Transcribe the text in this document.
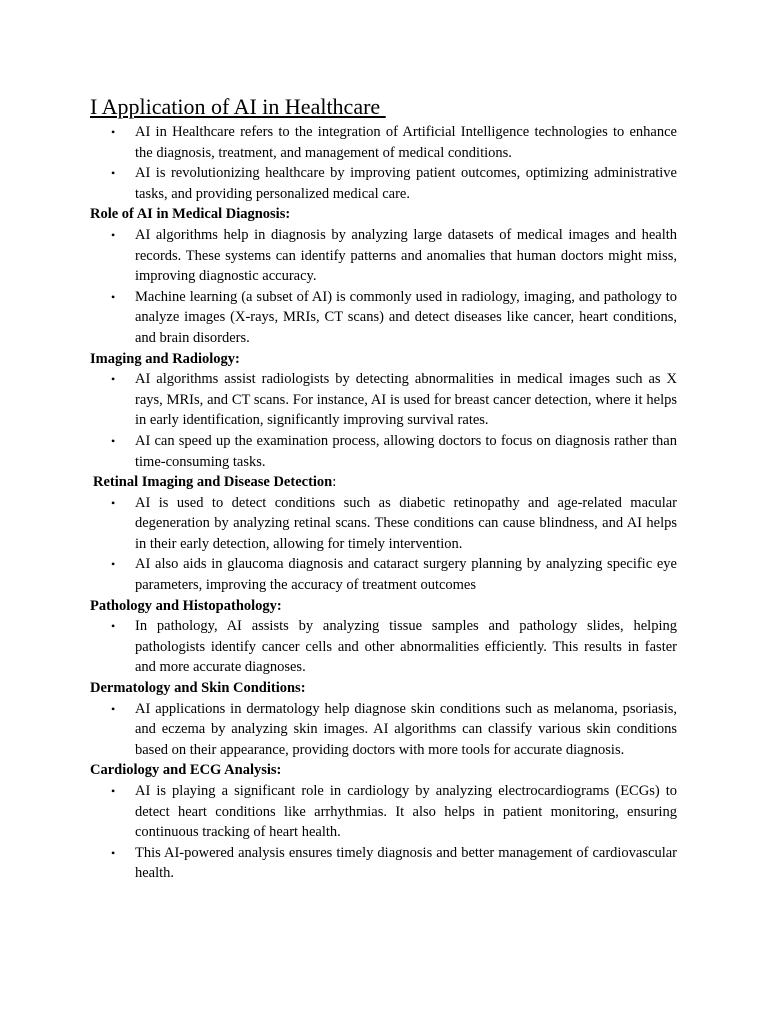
I Application of AI in Healthcare
• AI in Healthcare refers to the integration of Artificial Intelligence technologies to enhance the diagnosis, treatment, and management of medical conditions.
• AI is revolutionizing healthcare by improving patient outcomes, optimizing administrative tasks, and providing personalized medical care.

Role of AI in Medical Diagnosis:

• AI algorithms help in diagnosis by analyzing large datasets of medical images and health records. These systems can identify patterns and anomalies that human doctors might miss, improving diagnostic accuracy.
• Machine learning (a subset of AI) is commonly used in radiology, imaging, and pathology to analyze images (X-rays, MRIs, CT scans) and detect diseases like cancer, heart conditions, and brain disorders.

Imaging and Radiology:

• AI algorithms assist radiologists by detecting abnormalities in medical images such as X rays, MRIs, and CT scans. For instance, AI is used for breast cancer detection, where it helps in early identification, significantly improving survival rates.
• AI can speed up the examination process, allowing doctors to focus on diagnosis rather than time-consuming tasks.

Retinal Imaging and Disease Detection:

• AI is used to detect conditions such as diabetic retinopathy and age-related macular degeneration by analyzing retinal scans. These conditions can cause blindness, and AI helps in their early detection, allowing for timely intervention.
• AI also aids in glaucoma diagnosis and cataract surgery planning by analyzing specific eye parameters, improving the accuracy of treatment outcomes

Pathology and Histopathology:

• In pathology, AI assists by analyzing tissue samples and pathology slides, helping pathologists identify cancer cells and other abnormalities efficiently. This results in faster and more accurate diagnoses.

Dermatology and Skin Conditions:

• AI applications in dermatology help diagnose skin conditions such as melanoma, psoriasis, and eczema by analyzing skin images. AI algorithms can classify various skin conditions based on their appearance, providing doctors with more tools for accurate diagnosis.

Cardiology and ECG Analysis:

• AI is playing a significant role in cardiology by analyzing electrocardiograms (ECGs) to detect heart conditions like arrhythmias. It also helps in patient monitoring, ensuring continuous tracking of heart health.
• This AI-powered analysis ensures timely diagnosis and better management of cardiovascular health.
